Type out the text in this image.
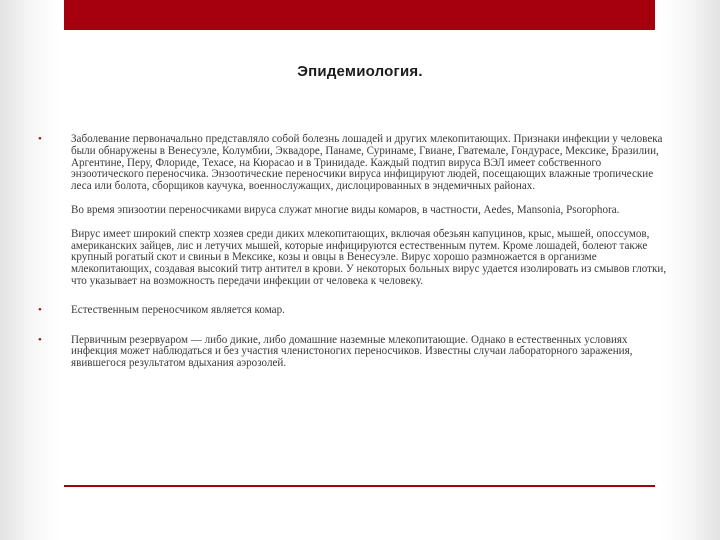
Эпидемиология.
•	Заболевание первоначально представляло собой болезнь лошадей и других млекопитающих. Признаки инфекции у человека были обнаружены в Венесуэле, Колумбии, Эквадоре, Панаме, Суринаме, Гвиане, Гватемале, Гондурасе, Мексике, Бразилии, Аргентине, Перу, Флориде, Техасе, на Кюрасао и в Тринидаде. Каждый подтип вируса ВЭЛ имеет собственного энзоотического переносчика. Энзоотические переносчики вируса инфицируют людей, посещающих влажные тропические леса или болота, сборщиков каучука, военнослужащих, дислоцированных в эндемичных районах.
Во время эпизоотии переносчиками вируса служат многие виды комаров, в частности, Aedes, Mansonia, Psorophora.
Вирус имеет широкий спектр хозяев среди диких млекопитающих, включая обезьян капуцинов, крыс, мышей, опоссумов, американских зайцев, лис и летучих мышей, которые инфицируются естественным путем. Кроме лошадей, болеют также крупный рогатый скот и свиньи в Мексике, козы и овцы в Венесуэле. Вирус хорошо размножается в организме млекопитающих, создавая высокий титр антител в крови. У некоторых больных вирус удается изолировать из смывов глотки, что указывает на возможность передачи инфекции от человека к человеку.
•	Естественным переносчиком является комар.
•	Первичным резервуаром — либо дикие, либо домашние наземные млекопитающие. Однако в естественных условиях инфекция может наблюдаться и без участия членистоногих переносчиков. Известны случаи лабораторного заражения, явившегося результатом вдыхания аэрозолей.
